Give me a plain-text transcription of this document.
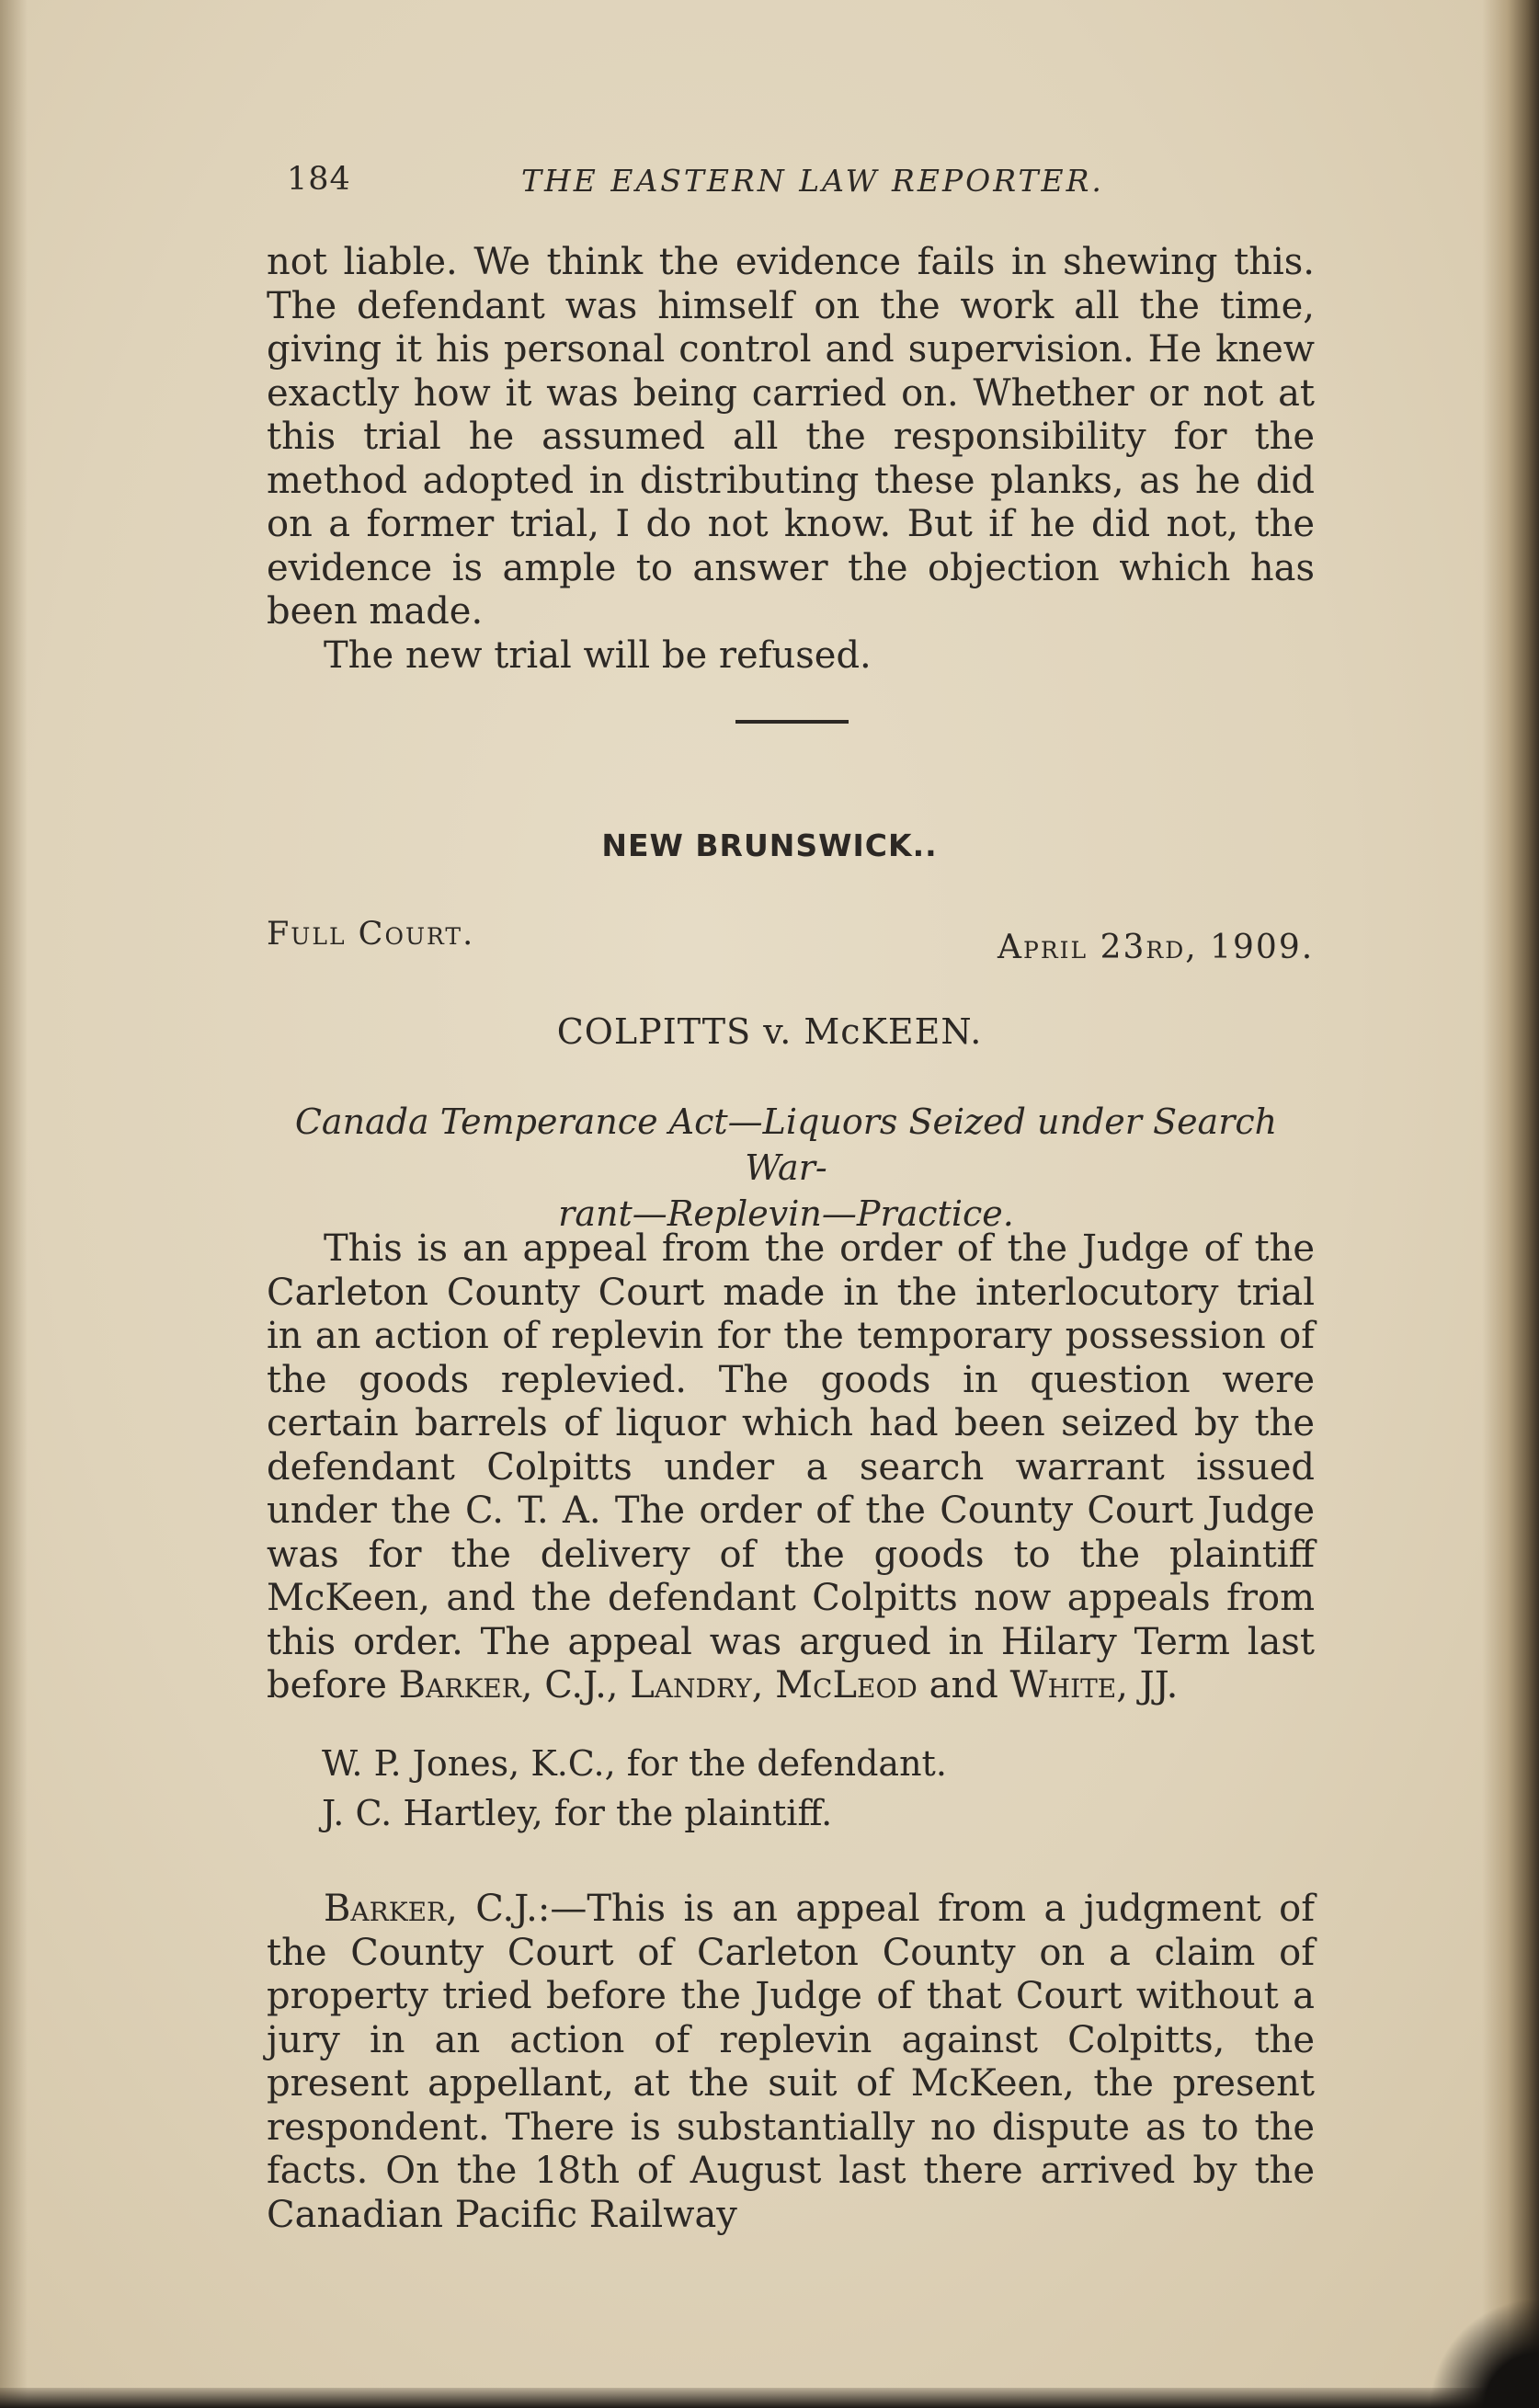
184	THE EASTERN LAW REPORTER.

not liable. We think the evidence fails in shewing this. The defendant was himself on the work all the time, giving it his personal control and supervision. He knew exactly how it was being carried on. Whether or not at this trial he assumed all the responsibility for the method adopted in distributing these planks, as he did on a former trial, I do not know. But if he did not, the evidence is ample to answer the objection which has been made.

The new trial will be refused.

NEW BRUNSWICK..
Full Court.	April 23rd, 1909.
COLPITTS v. McKEEN.
Canada Temperance Act—Liquors Seized under Search War-
rant—Replevin—Practice.

This is an appeal from the order of the Judge of the Carleton County Court made in the interlocutory trial in an action of replevin for the temporary possession of the goods replevied. The goods in question were certain barrels of liquor which had been seized by the defendant Colpitts under a search warrant issued under the C. T. A. The order of the County Court Judge was for the delivery of the goods to the plaintiff McKeen, and the defendant Colpitts now appeals from this order. The appeal was argued in Hilary Term last before Barker, C.J., Landry, McLeod and White, JJ.

W. P. Jones, K.C., for the defendant.
J. C. Hartley, for the plaintiff.

Barker, C.J.:—This is an appeal from a judgment of the County Court of Carleton County on a claim of property tried before the Judge of that Court without a jury in an action of replevin against Colpitts, the present appellant, at the suit of McKeen, the present respondent. There is substantially no dispute as to the facts. On the 18th of August last there arrived by the Canadian Pacific Railway
